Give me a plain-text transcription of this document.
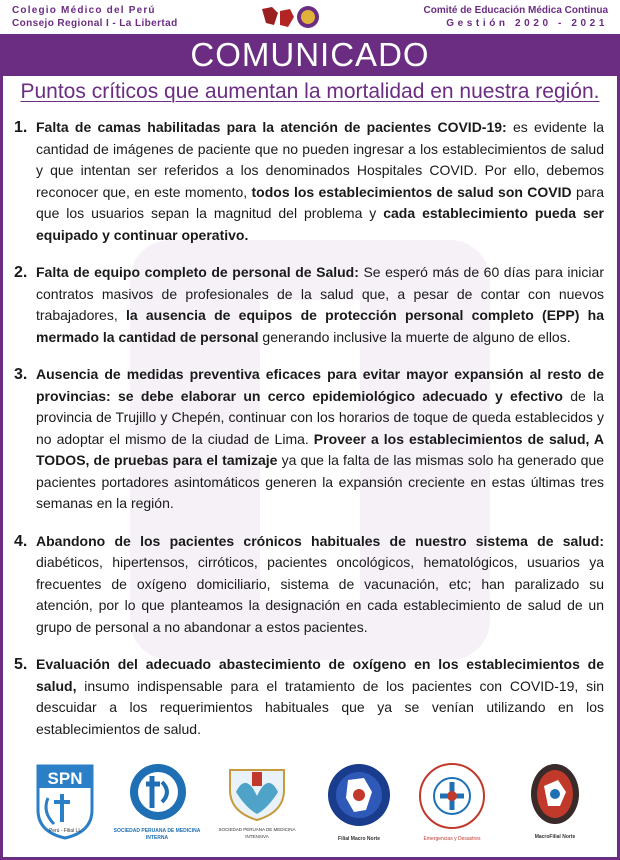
Colegio Médico del Perú
Consejo Regional I - La Libertad
Comité de Educación Médica Continua
Gestión 2020 - 2021
COMUNICADO
Puntos críticos que aumentan la mortalidad en nuestra región.
1. Falta de camas habilitadas para la atención de pacientes COVID-19: es evidente la cantidad de imágenes de paciente que no pueden ingresar a los establecimientos de salud y que intentan ser referidos a los denominados Hospitales COVID. Por ello, debemos reconocer que, en este momento, todos los establecimientos de salud son COVID para que los usuarios sepan la magnitud del problema y cada establecimiento pueda ser equipado y continuar operativo.
2. Falta de equipo completo de personal de Salud: Se esperó más de 60 días para iniciar contratos masivos de profesionales de la salud que, a pesar de contar con nuevos trabajadores, la ausencia de equipos de protección personal completo (EPP) ha mermado la cantidad de personal generando inclusive la muerte de alguno de ellos.
3. Ausencia de medidas preventiva eficaces para evitar mayor expansión al resto de provincias: se debe elaborar un cerco epidemiológico adecuado y efectivo de la provincia de Trujillo y Chepén, continuar con los horarios de toque de queda establecidos y no adoptar el mismo de la ciudad de Lima. Proveer a los establecimientos de salud, A TODOS, de pruebas para el tamizaje ya que la falta de las mismas solo ha generado que pacientes portadores asintomáticos generen la expansión creciente en estas últimas tres semanas en la región.
4. Abandono de los pacientes crónicos habituales de nuestro sistema de salud: diabéticos, hipertensos, cirróticos, pacientes oncológicos, hematológicos, usuarios ya frecuentes de oxígeno domiciliario, sistema de vacunación, etc; han paralizado su atención, por lo que planteamos la designación en cada establecimiento de salud de un grupo de personal a no abandonar a estos pacientes.
5. Evaluación del adecuado abastecimiento de oxígeno en los establecimientos de salud, insumo indispensable para el tratamiento de los pacientes con COVID-19, sin descuidar a los requerimientos habituales que ya se venían utilizando en los establecimientos de salud.
SPN
Perú - Filial LL	SOCIEDAD PERUANA DE MEDICINA INTERNA
SOCIEDAD PERUANA DE MEDICINA INTENSIVA	Filial Macro Norte	Emergencias y Desastres	MacroFilial Norte
